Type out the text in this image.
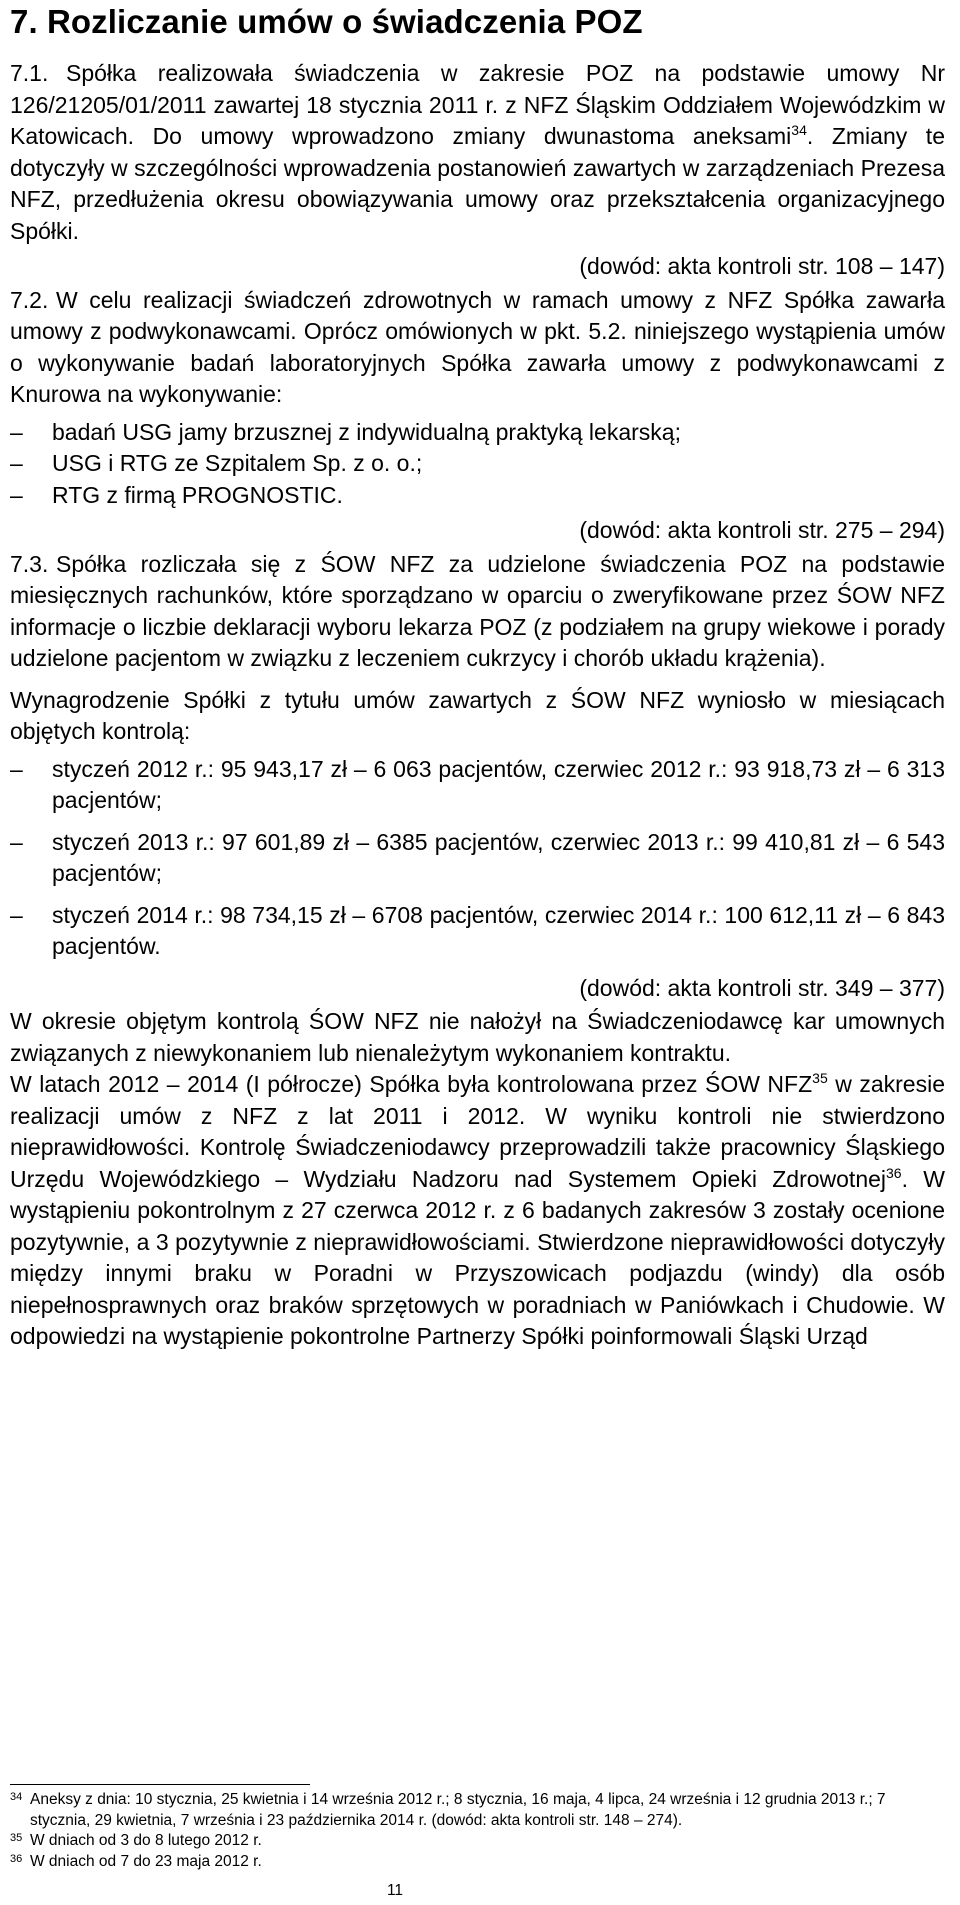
7. Rozliczanie umów o świadczenia POZ

7.1. Spółka realizowała świadczenia w zakresie POZ na podstawie umowy Nr 126/21205/01/2011 zawartej 18 stycznia 2011 r. z NFZ Śląskim Oddziałem Wojewódzkim w Katowicach. Do umowy wprowadzono zmiany dwunastoma aneksami$^{34}$. Zmiany te dotyczyły w szczególności wprowadzenia postanowień zawartych w zarządzeniach Prezesa NFZ, przedłużenia okresu obowiązywania umowy oraz przekształcenia organizacyjnego Spółki.

(dowód: akta kontroli str. 108 – 147)

7.2. W celu realizacji świadczeń zdrowotnych w ramach umowy z NFZ Spółka zawarła umowy z podwykonawcami. Oprócz omówionych w pkt. 5.2. niniejszego wystąpienia umów o wykonywanie badań laboratoryjnych Spółka zawarła umowy z podwykonawcami z Knurowa na wykonywanie:

–	badań USG jamy brzusznej z indywidualną praktyką lekarską;
–	USG i RTG ze Szpitalem Sp. z o. o.;
–	RTG z firmą PROGNOSTIC.

(dowód: akta kontroli str. 275 – 294)

7.3. Spółka rozliczała się z ŚOW NFZ za udzielone świadczenia POZ na podstawie miesięcznych rachunków, które sporządzano w oparciu o zweryfikowane przez ŚOW NFZ informacje o liczbie deklaracji wyboru lekarza POZ (z podziałem na grupy wiekowe i porady udzielone pacjentom w związku z leczeniem cukrzycy i chorób układu krążenia).

Wynagrodzenie Spółki z tytułu umów zawartych z ŚOW NFZ wyniosło w miesiącach objętych kontrolą:

–	styczeń 2012 r.: 95 943,17 zł – 6 063 pacjentów, czerwiec 2012 r.: 93 918,73 zł – 6 313 pacjentów;
–	styczeń 2013 r.: 97 601,89 zł – 6385 pacjentów, czerwiec 2013 r.: 99 410,81 zł – 6 543 pacjentów;
–	styczeń 2014 r.: 98 734,15 zł – 6708 pacjentów, czerwiec 2014 r.: 100 612,11 zł – 6 843 pacjentów.

(dowód: akta kontroli str. 349 – 377)

W okresie objętym kontrolą ŚOW NFZ nie nałożył na Świadczeniodawcę kar umownych związanych z niewykonaniem lub nienależytym wykonaniem kontraktu.

W latach 2012 – 2014 (I półrocze) Spółka była kontrolowana przez ŚOW NFZ$^{35}$ w zakresie realizacji umów z NFZ z lat 2011 i 2012. W wyniku kontroli nie stwierdzono nieprawidłowości. Kontrolę Świadczeniodawcy przeprowadzili także pracownicy Śląskiego Urzędu Wojewódzkiego – Wydziału Nadzoru nad Systemem Opieki Zdrowotnej$^{36}$. W wystąpieniu pokontrolnym z 27 czerwca 2012 r. z 6 badanych zakresów 3 zostały ocenione pozytywnie, a 3 pozytywnie z nieprawidłowościami. Stwierdzone nieprawidłowości dotyczyły między innymi braku w Poradni w Przyszowicach podjazdu (windy) dla osób niepełnosprawnych oraz braków sprzętowych w poradniach w Paniówkach i Chudowie. W odpowiedzi na wystąpienie pokontrolne Partnerzy Spółki poinformowali Śląski Urząd

34 Aneksy z dnia: 10 stycznia, 25 kwietnia i 14 września 2012 r.; 8 stycznia, 16 maja, 4 lipca, 24 września i 12 grudnia 2013 r.; 7 stycznia, 29 kwietnia, 7 września i 23 października 2014 r. (dowód: akta kontroli str. 148 – 274).
35 W dniach od 3 do 8 lutego 2012 r.
36 W dniach od 7 do 23 maja 2012 r.
11
